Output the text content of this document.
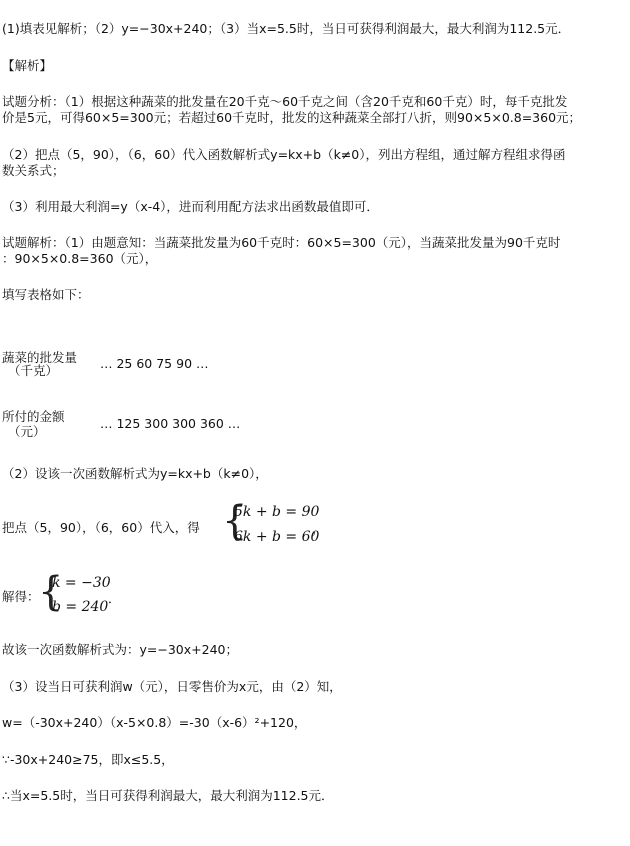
(1)填表见解析；（2）y=−30x+240；（3）当x=5.5时，当日可获得利润最大，最大利润为112.5元．
【解析】
试题分析：（1）根据这种蔬菜的批发量在20千克～60千克之间（含20千克和60千克）时，每千克批发
价是5元，可得60×5=300元；若超过60千克时，批发的这种蔬菜全部打八折，则90×5×0.8=360元；
（2）把点（5，90），（6，60）代入函数解析式y=kx+b（k≠0），列出方程组，通过解方程组求得函
数关系式；
（3）利用最大利润=y（x-4），进而利用配方法求出函数最值即可．
试题解析：（1）由题意知：当蔬菜批发量为60千克时：60×5=300（元），当蔬菜批发量为90千克时
：90×5×0.8=360（元），
填写表格如下：
蔬菜的批发量
（千克）	… 25 60 75 90 …
所付的金额
（元）
… 125 300 300 360 …
（2）设该一次函数解析式为y=kx+b（k≠0），
把点（5，90），（6，60）代入，得 {
5k + b = 90
6k + b = 60
，
解得：
{
k = −30
b = 240
．
故该一次函数解析式为：y=−30x+240；
（3）设当日可获利润w（元），日零售价为x元，由（2）知，
w=（-30x+240）（x-5×0.8）=-30（x-6）²+120，
∵-30x+240≥75，即x≤5.5，
∴当x=5.5时，当日可获得利润最大，最大利润为112.5元．
